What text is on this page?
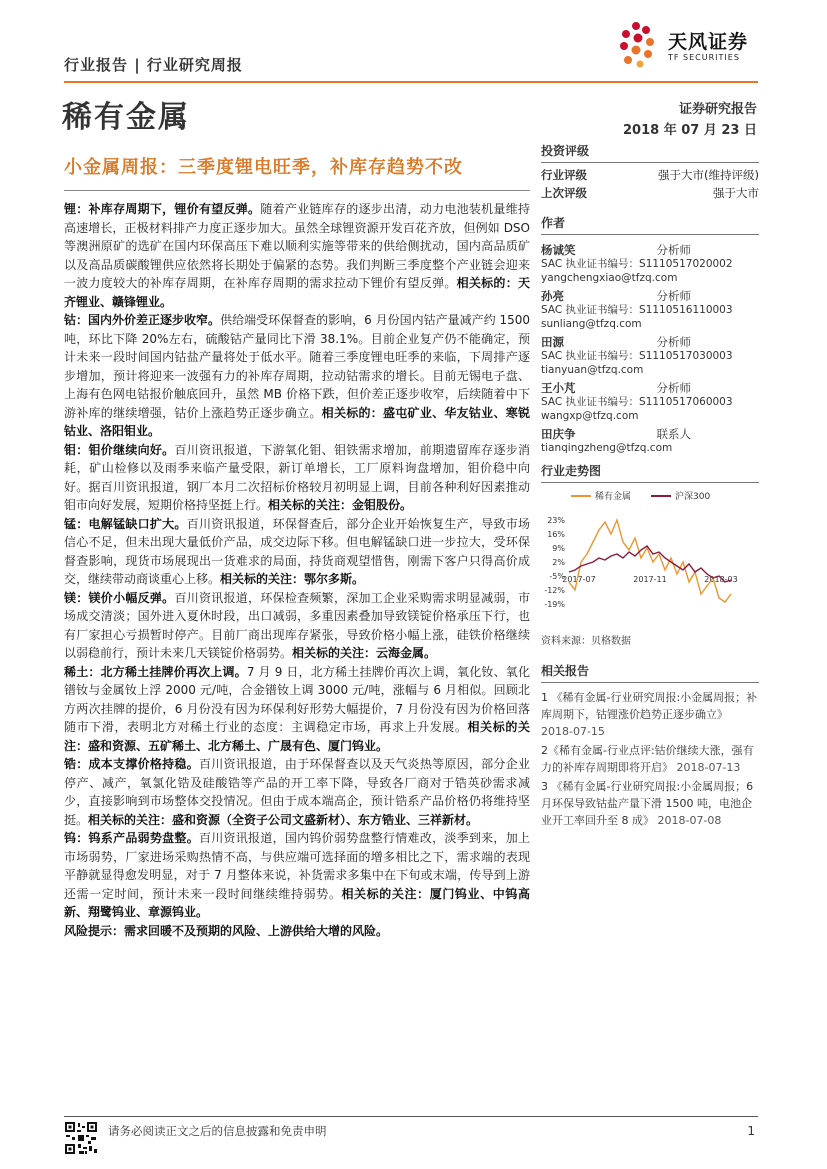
行业报告 | 行业研究周报
天风证券
TF SECURITIES
稀有金属	证券研究报告
2018 年 07 月 23 日
小金属周报：三季度锂电旺季，补库存趋势不改

锂：补库存周期下，锂价有望反弹。随着产业链库存的逐步出清，动力电池装机量维持高速增长，正极材料排产力度正逐步加大。虽然全球锂资源开发百花齐放，但例如 DSO 等澳洲原矿的选矿在国内环保高压下难以顺利实施等带来的供给侧扰动，国内高品质矿以及高品质碳酸锂供应依然将长期处于偏紧的态势。我们判断三季度整个产业链会迎来一波力度较大的补库存周期，在补库存周期的需求拉动下锂价有望反弹。相关标的：天齐锂业、赣锋锂业。

钴：国内外价差正逐步收窄。供给端受环保督查的影响，6 月份国内钴产量减产约 1500 吨，环比下降 20%左右，硫酸钴产量同比下滑 38.1%。目前企业复产仍不能确定，预计未来一段时间国内钴盐产量将处于低水平。随着三季度锂电旺季的来临，下周排产逐步增加，预计将迎来一波强有力的补库存周期，拉动钴需求的增长。目前无锡电子盘、上海有色网电钴报价触底回升，虽然 MB 价格下跌，但价差正逐步收窄，后续随着中下游补库的继续增强，钴价上涨趋势正逐步确立。相关标的：盛屯矿业、华友钴业、寒锐钴业、洛阳钼业。

钼：钼价继续向好。百川资讯报道，下游氧化钼、钼铁需求增加，前期遗留库存逐步消耗，矿山检修以及雨季来临产量受限，新订单增长，工厂原料询盘增加，钼价稳中向好。据百川资讯报道，钢厂本月二次招标价格较月初明显上调，目前各种利好因素推动钼市向好发展，短期价格持坚挺上行。相关标的关注：金钼股份。

锰：电解锰缺口扩大。百川资讯报道，环保督查后，部分企业开始恢复生产，导致市场信心不足，但未出现大量低价产品，成交边际下移。但电解锰缺口进一步拉大，受环保督查影响，现货市场展现出一货难求的局面，持货商观望惜售，刚需下客户只得高价成交，继续带动商谈重心上移。相关标的关注：鄂尔多斯。

镁：镁价小幅反弹。百川资讯报道，环保检查频繁，深加工企业采购需求明显减弱，市场成交清淡；国外进入夏休时段，出口减弱，多重因素叠加导致镁锭价格承压下行，也有厂家担心亏损暂时停产。目前厂商出现库存紧张，导致价格小幅上涨，硅铁价格继续以弱稳前行，预计未来几天镁锭价格弱势。相关标的关注：云海金属。

稀土：北方稀土挂牌价再次上调。7 月 9 日，北方稀土挂牌价再次上调，氧化钕、氧化镨钕与金属钕上浮 2000 元/吨，合金镨钕上调 3000 元/吨，涨幅与 6 月相似。回顾北方两次挂牌的提价，6 月份没有因为环保利好形势大幅提价，7 月份没有因为价格回落随市下滑，表明北方对稀土行业的态度：主调稳定市场，再求上升发展。相关标的关注：盛和资源、五矿稀土、北方稀土、广晟有色、厦门钨业。

锆：成本支撑价格持稳。百川资讯报道，由于环保督查以及天气炎热等原因，部分企业停产、减产，氧氯化锆及硅酸锆等产品的开工率下降，导致各厂商对于锆英砂需求减少，直接影响到市场整体交投情况。但由于成本端高企，预计锆系产品价格仍将维持坚挺。相关标的关注：盛和资源（全资子公司文盛新材）、东方锆业、三祥新材。

钨：钨系产品弱势盘整。百川资讯报道，国内钨价弱势盘整行情难改，淡季到来，加上市场弱势，厂家进场采购热情不高，与供应端可选择面的增多相比之下，需求端的表现平静就显得愈发明显，对于 7 月整体来说，补货需求多集中在下旬或末端，传导到上游还需一定时间，预计未来一段时间继续维持弱势。相关标的关注：厦门钨业、中钨高新、翔鹭钨业、章源钨业。

风险提示：需求回暖不及预期的风险、上游供给大增的风险。

投资评级
行业评级	强于大市(维持评级)
上次评级	强于大市
作者
杨诚笑	分析师
SAC 执业证书编号：S1110517020002
yangchengxiao@tfzq.com
孙亮	分析师
SAC 执业证书编号：S1110516110003
sunliang@tfzq.com
田源	分析师
SAC 执业证书编号：S1110517030003
tianyuan@tfzq.com
王小芃	分析师
SAC 执业证书编号：S1110517060003
wangxp@tfzq.com
田庆争	联系人
tianqingzheng@tfzq.com
行业走势图
稀有金属	沪深300
23%
16%
9%
2%
-5%
-12%
-19%
2017-07	2017-11	2018-03
资料来源：贝格数据
相关报告

1 《稀有金属-行业研究周报:小金属周报；补库周期下，钴锂涨价趋势正逐步确立》 2018-07-15

2《稀有金属-行业点评:钴价继续大涨，强有力的补库存周期即将开启》 2018-07-13

3 《稀有金属-行业研究周报:小金属周报；6 月环保导致钴盐产量下滑 1500 吨，电池企业开工率回升至 8 成》 2018-07-08

请务必阅读正文之后的信息披露和免责申明	1
